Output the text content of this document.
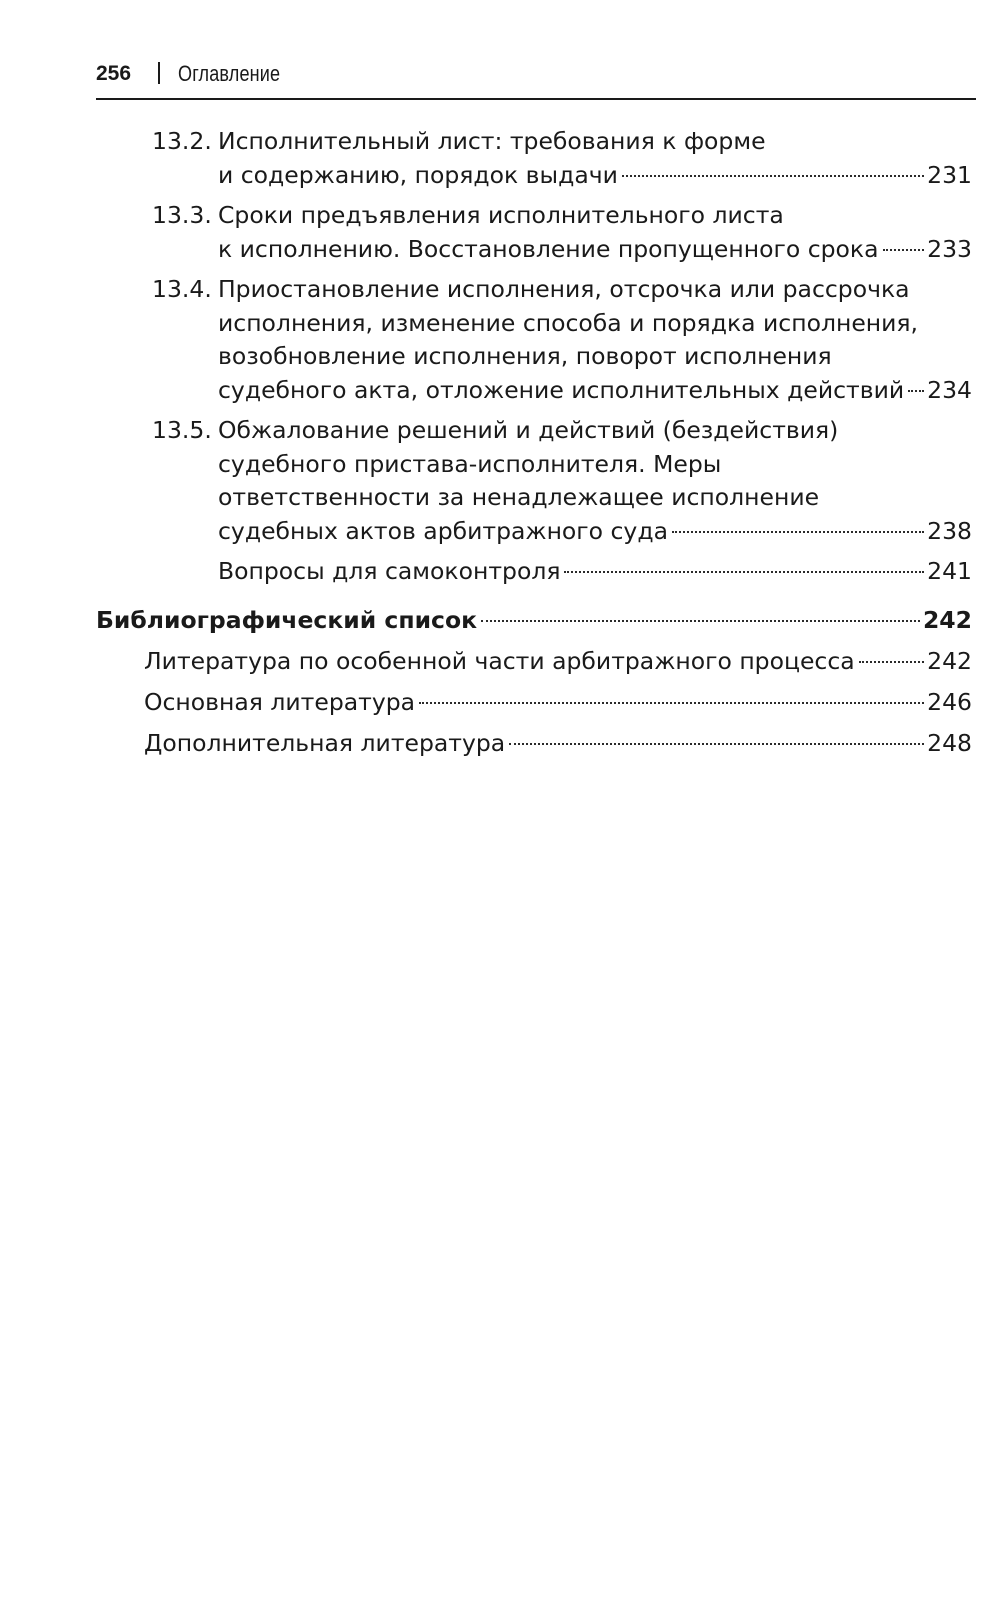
256 Оглавление
13.2. Исполнительный лист: требования к форме
и содержанию, порядок выдачи	231
13.3. Сроки предъявления исполнительного листа
к исполнению. Восстановление пропущенного срока 233
13.4. Приостановление исполнения, отсрочка или рассрочка
исполнения, изменение способа и порядка исполнения,
возобновление исполнения, поворот исполнения
судебного акта, отложение исполнительных действий 234
13.5. Обжалование решений и действий (бездействия)
судебного пристава-исполнителя. Меры
ответственности за ненадлежащее исполнение
судебных актов арбитражного суда	238
Вопросы для самоконтроля	241
Библиографический список	242
Литература по особенной части арбитражного процесса	242
Основная литература	246
Дополнительная литература	248
